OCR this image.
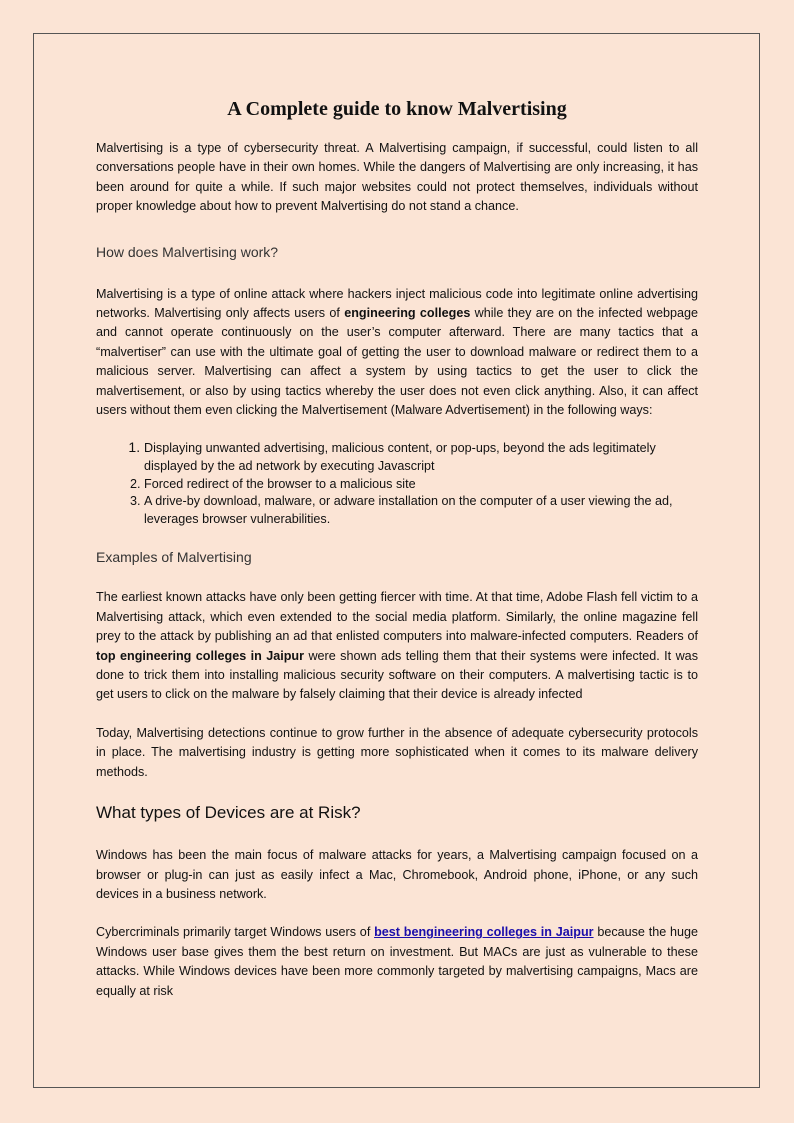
A Complete guide to know Malvertising

Malvertising is a type of cybersecurity threat. A Malvertising campaign, if successful, could listen to all conversations people have in their own homes. While the dangers of Malvertising are only increasing, it has been around for quite a while. If such major websites could not protect themselves, individuals without proper knowledge about how to prevent Malvertising do not stand a chance.

How does Malvertising work?

Malvertising is a type of online attack where hackers inject malicious code into legitimate online advertising networks. Malvertising only affects users of engineering colleges while they are on the infected webpage and cannot operate continuously on the user’s computer afterward. There are many tactics that a “malvertiser” can use with the ultimate goal of getting the user to download malware or redirect them to a malicious server. Malvertising can affect a system by using tactics to get the user to click the malvertisement, or also by using tactics whereby the user does not even click anything. Also, it can affect users without them even clicking the Malvertisement (Malware Advertisement) in the following ways:

1. Displaying unwanted advertising, malicious content, or pop-ups, beyond the ads legitimately displayed by the ad network by executing Javascript
2. Forced redirect of the browser to a malicious site
3. A drive-by download, malware, or adware installation on the computer of a user viewing the ad, leverages browser vulnerabilities.
Examples of Malvertising

The earliest known attacks have only been getting fiercer with time. At that time, Adobe Flash fell victim to a Malvertising attack, which even extended to the social media platform. Similarly, the online magazine fell prey to the attack by publishing an ad that enlisted computers into malware-infected computers. Readers of top engineering colleges in Jaipur were shown ads telling them that their systems were infected. It was done to trick them into installing malicious security software on their computers. A malvertising tactic is to get users to click on the malware by falsely claiming that their device is already infected

Today, Malvertising detections continue to grow further in the absence of adequate cybersecurity protocols in place. The malvertising industry is getting more sophisticated when it comes to its malware delivery methods.

What types of Devices are at Risk?

Windows has been the main focus of malware attacks for years, a Malvertising campaign focused on a browser or plug-in can just as easily infect a Mac, Chromebook, Android phone, iPhone, or any such devices in a business network.

Cybercriminals primarily target Windows users of best bengineering colleges in Jaipur because the huge Windows user base gives them the best return on investment. But MACs are just as vulnerable to these attacks. While Windows devices have been more commonly targeted by malvertising campaigns, Macs are equally at risk
